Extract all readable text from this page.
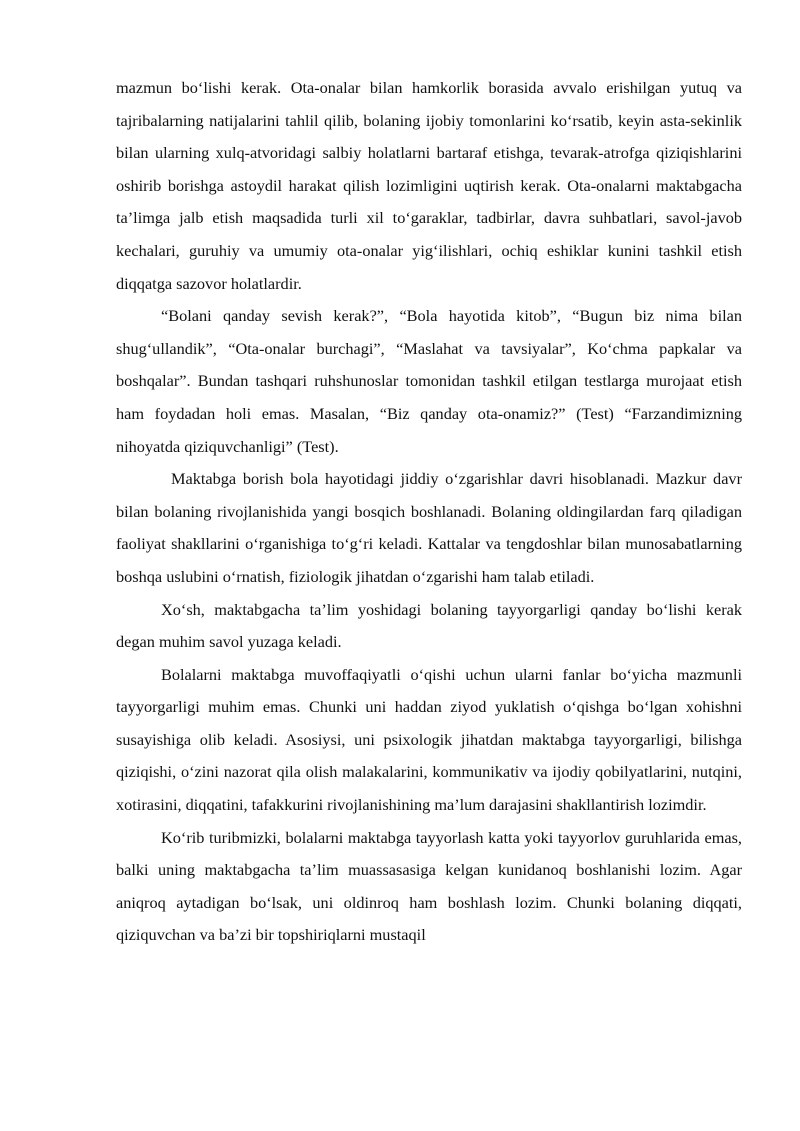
mazmun bo‘lishi kerak. Ota-onalar bilan hamkorlik borasida avvalo erishilgan yutuq va tajribalarning natijalarini tahlil qilib, bolaning ijobiy tomonlarini ko‘rsatib, keyin asta-sekinlik bilan ularning xulq-atvoridagi salbiy holatlarni bartaraf etishga, tevarak-atrofga qiziqishlarini oshirib borishga astoydil harakat qilish lozimligini uqtirish kerak. Ota-onalarni maktabgacha ta’limga jalb etish maqsadida turli xil to‘garaklar, tadbirlar, davra suhbatlari, savol-javob kechalari, guruhiy va umumiy ota-onalar yig‘ilishlari, ochiq eshiklar kunini tashkil etish diqqatga sazovor holatlardir.

“Bolani qanday sevish kerak?”, “Bola hayotida kitob”, “Bugun biz nima bilan shug‘ullandik”, “Ota-onalar burchagi”, “Maslahat va tavsiyalar”, Ko‘chma papkalar va boshqalar”. Bundan tashqari ruhshunoslar tomonidan tashkil etilgan testlarga murojaat etish ham foydadan holi emas. Masalan, “Biz qanday ota-onamiz?” (Test) “Farzandimizning nihoyatda qiziquvchanligi” (Test).

Maktabga borish bola hayotidagi jiddiy o‘zgarishlar davri hisoblanadi. Mazkur davr bilan bolaning rivojlanishida yangi bosqich boshlanadi. Bolaning oldingilardan farq qiladigan faoliyat shakllarini o‘rganishiga to‘g‘ri keladi. Kattalar va tengdoshlar bilan munosabatlarning boshqa uslubini o‘rnatish, fiziologik jihatdan o‘zgarishi ham talab etiladi.

Xo‘sh, maktabgacha ta’lim yoshidagi bolaning tayyorgarligi qanday bo‘lishi kerak degan muhim savol yuzaga keladi.

Bolalarni maktabga muvoffaqiyatli o‘qishi uchun ularni fanlar bo‘yicha mazmunli tayyorgarligi muhim emas. Chunki uni haddan ziyod yuklatish o‘qishga bo‘lgan xohishni susayishiga olib keladi. Asosiysi, uni psixologik jihatdan maktabga tayyorgarligi, bilishga qiziqishi, o‘zini nazorat qila olish malakalarini, kommunikativ va ijodiy qobilyatlarini, nutqini, xotirasini, diqqatini, tafakkurini rivojlanishining ma’lum darajasini shakllantirish lozimdir.

Ko‘rib turibmizki, bolalarni maktabga tayyorlash katta yoki tayyorlov guruhlarida emas, balki uning maktabgacha ta’lim muassasasiga kelgan kunidanoq boshlanishi lozim. Agar aniqroq aytadigan bo‘lsak, uni oldinroq ham boshlash lozim. Chunki bolaning diqqati, qiziquvchan va ba’zi bir topshiriqlarni mustaqil
